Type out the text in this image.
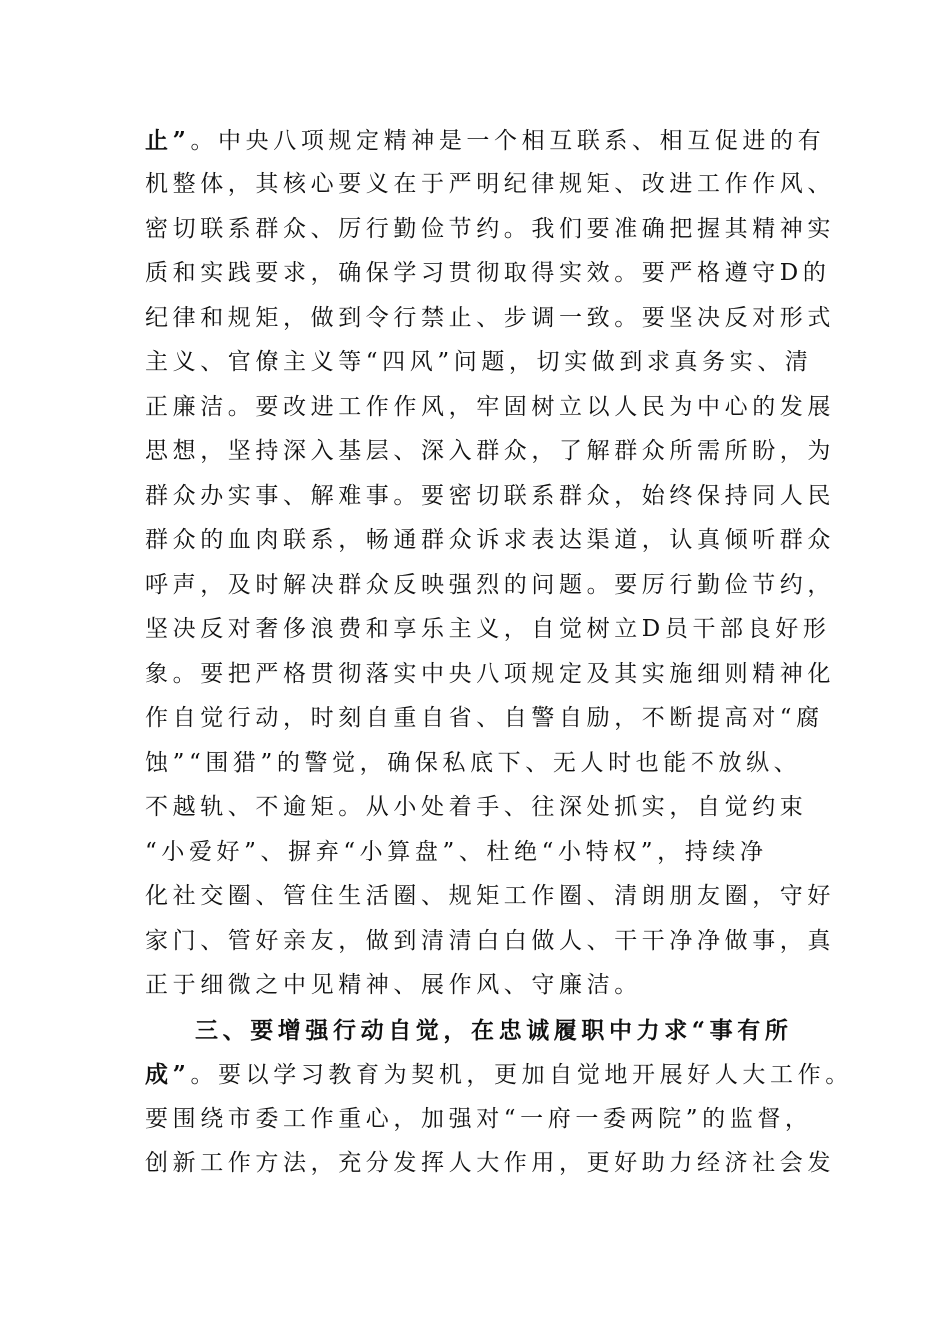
止”。中央八项规定精神是一个相互联系、相互促进的有
机整体，其核心要义在于严明纪律规矩、改进工作作风、
密切联系群众、厉行勤俭节约。我们要准确把握其精神实
质和实践要求，确保学习贯彻取得实效。要严格遵守D的
纪律和规矩，做到令行禁止、步调一致。要坚决反对形式
主义、官僚主义等“四风”问题，切实做到求真务实、清
正廉洁。要改进工作作风，牢固树立以人民为中心的发展
思想，坚持深入基层、深入群众，了解群众所需所盼，为
群众办实事、解难事。要密切联系群众，始终保持同人民
群众的血肉联系，畅通群众诉求表达渠道，认真倾听群众
呼声，及时解决群众反映强烈的问题。要厉行勤俭节约，
坚决反对奢侈浪费和享乐主义，自觉树立D员干部良好形
象。要把严格贯彻落实中央八项规定及其实施细则精神化
作自觉行动，时刻自重自省、自警自励，不断提高对“腐
蚀”“围猎”的警觉，确保私底下、无人时也能不放纵、
不越轨、不逾矩。从小处着手、往深处抓实，自觉约束
“小爱好”、摒弃“小算盘”、杜绝“小特权”，持续净
化社交圈、管住生活圈、规矩工作圈、清朗朋友圈，守好
家门、管好亲友，做到清清白白做人、干干净净做事，真
正于细微之中见精神、展作风、守廉洁。
三、要增强行动自觉，在忠诚履职中力求“事有所
成”。要以学习教育为契机，更加自觉地开展好人大工作。
要围绕市委工作重心，加强对“一府一委两院”的监督，
创新工作方法，充分发挥人大作用，更好助力经济社会发
